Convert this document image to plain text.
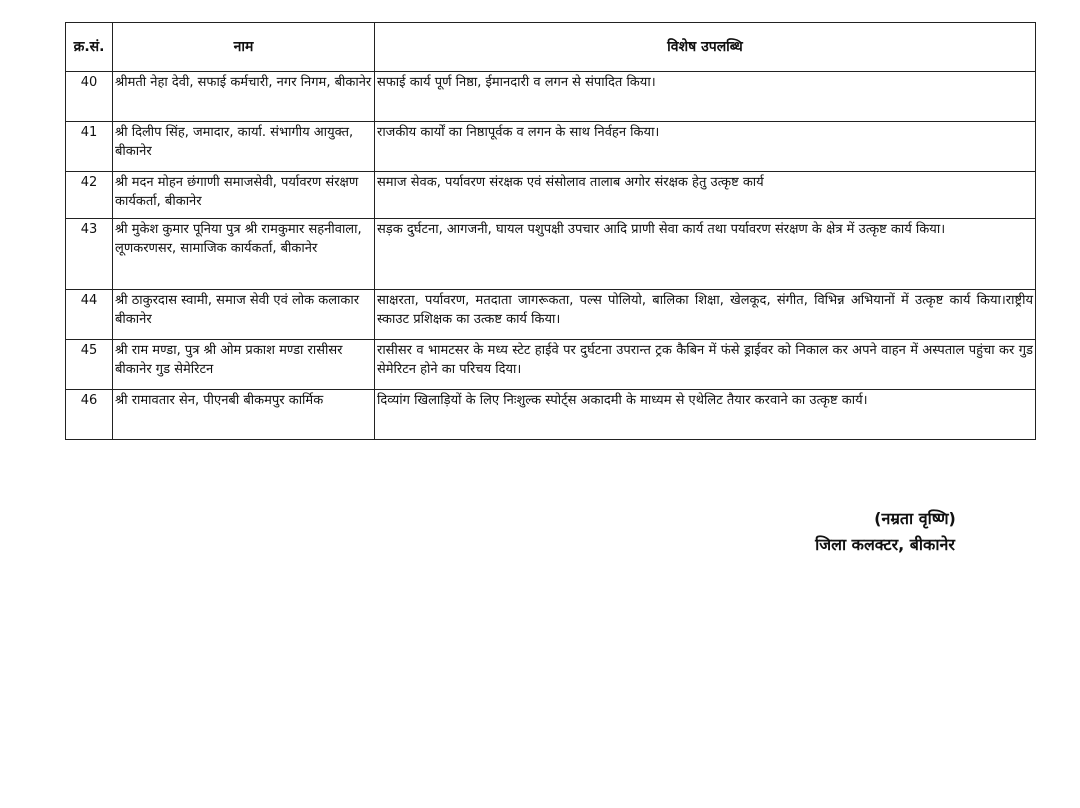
क्र.सं.	नाम	विशेष उपलब्धि
40	श्रीमती नेहा देवी, सफाई कर्मचारी, नगर निगम, बीकानेर	सफाई कार्य पूर्ण निष्ठा, ईमानदारी व लगन से संपादित किया।
41	श्री दिलीप सिंह, जमादार, कार्या. संभागीय आयुक्त, बीकानेर	राजकीय कार्यों का निष्ठापूर्वक व लगन के साथ निर्वहन किया।
42	श्री मदन मोहन छंगाणी समाजसेवी, पर्यावरण संरक्षण कार्यकर्ता, बीकानेर	समाज सेवक, पर्यावरण संरक्षक एवं संसोलाव तालाब अगोर संरक्षक हेतु उत्कृष्ट कार्य
43	श्री मुकेश कुमार पूनिया पुत्र श्री रामकुमार सहनीवाला, लूणकरणसर, सामाजिक कार्यकर्ता, बीकानेर	सड़क दुर्घटना, आगजनी, घायल पशुपक्षी उपचार आदि प्राणी सेवा कार्य तथा पर्यावरण संरक्षण के क्षेत्र में उत्कृष्ट कार्य किया।
44	श्री ठाकुरदास स्वामी, समाज सेवी एवं लोक कलाकार बीकानेर	साक्षरता, पर्यावरण, मतदाता जागरूकता, पल्स पोलियो, बालिका शिक्षा, खेलकूद, संगीत, विभिन्न अभियानों में उत्कृष्ट कार्य किया।राष्ट्रीय स्काउट प्रशिक्षक का उत्कष्ट कार्य किया।
45	श्री राम मण्डा, पुत्र श्री ओम प्रकाश मण्डा रासीसर बीकानेर गुड सेमेरिटन	रासीसर व भामटसर के मध्य स्टेट हाईवे पर दुर्घटना उपरान्त ट्रक कैबिन में फंसे ड्राईवर को निकाल कर अपने वाहन में अस्पताल पहुंचा कर गुड सेमेरिटन होने का परिचय दिया।
46	श्री रामावतार सेन, पीएनबी बीकमपुर कार्मिक	दिव्यांग खिलाड़ियों के लिए निःशुल्क स्पोर्ट्स अकादमी के माध्यम से एथेलिट तैयार करवाने का उत्कृष्ट कार्य।
(नम्रता वृष्णि)
जिला कलक्टर, बीकानेर
